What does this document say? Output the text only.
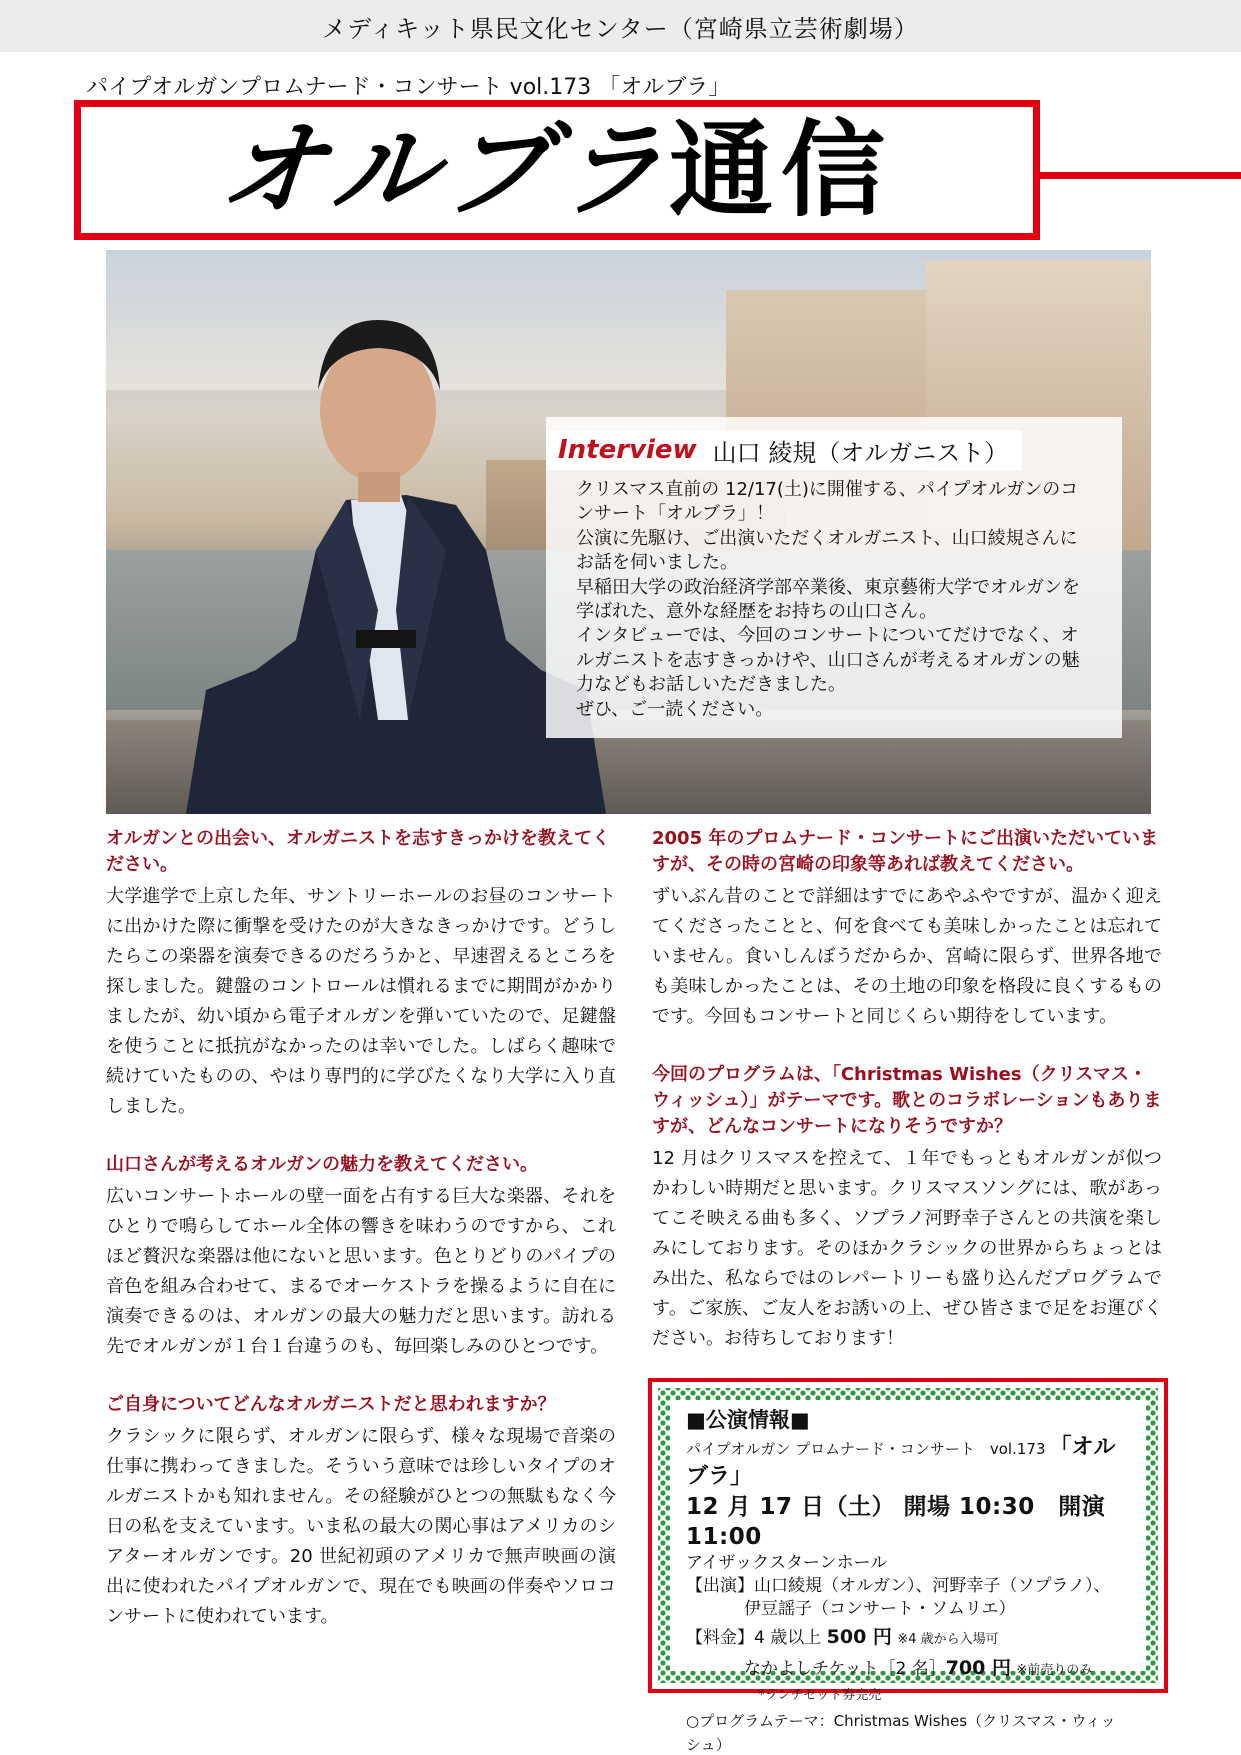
メディキット県民文化センター（宮崎県立芸術劇場）
パイプオルガンプロムナード・コンサート vol.173 「オルブラ」
オルブラ通信
Interview 山口 綾規（オルガニスト）

クリスマス直前の 12/17(土)に開催する、パイプオルガンのコ

ンサート「オルブラ」！

公演に先駆け、ご出演いただくオルガニスト、山口綾規さんに

お話を伺いました。

早稲田大学の政治経済学部卒業後、東京藝術大学でオルガンを

学ばれた、意外な経歴をお持ちの山口さん。

インタビューでは、今回のコンサートについてだけでなく、オ

ルガニストを志すきっかけや、山口さんが考えるオルガンの魅

力などもお話しいただきました。

ぜひ、ご一読ください。

オルガンとの出会い、オルガニストを志すきっかけを教えてください。
大学進学で上京した年、サントリーホールのお昼のコンサートに出かけた際に衝撃を受けたのが大きなきっかけです。どうしたらこの楽器を演奏できるのだろうかと、早速習えるところを探しました。鍵盤のコントロールは慣れるまでに期間がかかりましたが、幼い頃から電子オルガンを弾いていたので、足鍵盤を使うことに抵抗がなかったのは幸いでした。しばらく趣味で続けていたものの、やはり専門的に学びたくなり大学に入り直しました。
山口さんが考えるオルガンの魅力を教えてください。
広いコンサートホールの壁一面を占有する巨大な楽器、それをひとりで鳴らしてホール全体の響きを味わうのですから、これほど贅沢な楽器は他にないと思います。色とりどりのパイプの音色を組み合わせて、まるでオーケストラを操るように自在に演奏できるのは、オルガンの最大の魅力だと思います。訪れる先でオルガンが１台１台違うのも、毎回楽しみのひとつです。
ご自身についてどんなオルガニストだと思われますか？
クラシックに限らず、オルガンに限らず、様々な現場で音楽の仕事に携わってきました。そういう意味では珍しいタイプのオルガニストかも知れません。その経験がひとつの無駄もなく今日の私を支えています。いま私の最大の関心事はアメリカのシアターオルガンです。20 世紀初頭のアメリカで無声映画の演出に使われたパイプオルガンで、現在でも映画の伴奏やソロコンサートに使われています。
2005 年のプロムナード・コンサートにご出演いただいていますが、その時の宮崎の印象等あれば教えてください。
ずいぶん昔のことで詳細はすでにあやふやですが、温かく迎えてくださったことと、何を食べても美味しかったことは忘れていません。食いしんぼうだからか、宮崎に限らず、世界各地でも美味しかったことは、その土地の印象を格段に良くするものです。今回もコンサートと同じくらい期待をしています。
今回のプログラムは、「Christmas Wishes（クリスマス・ウィッシュ）」がテーマです。歌とのコラボレーションもありますが、どんなコンサートになりそうですか？
12 月はクリスマスを控えて、１年でもっともオルガンが似つかわしい時期だと思います。クリスマスソングには、歌があってこそ映える曲も多く、ソプラノ河野幸子さんとの共演を楽しみにしております。そのほかクラシックの世界からちょっとはみ出た、私ならではのレパートリーも盛り込んだプログラムです。ご家族、ご友人をお誘いの上、ぜひ皆さまで足をお運びください。お待ちしております！
■公演情報■
パイプオルガン プロムナード・コンサート　vol.173 「オルブラ」
12 月 17 日（土） 開場 10:30　開演 11:00
アイザックスターンホール
【出演】山口綾規（オルガン）、河野幸子（ソプラノ）、
伊豆謡子（コンサート・ソムリエ）
【料金】4 歳以上 500 円 ※4 歳から入場可
なかよしチケット［2 名］700 円 ※前売りのみ
*ランチセット券完売
○プログラムテーマ：Christmas Wishes（クリスマス・ウィッシュ）
